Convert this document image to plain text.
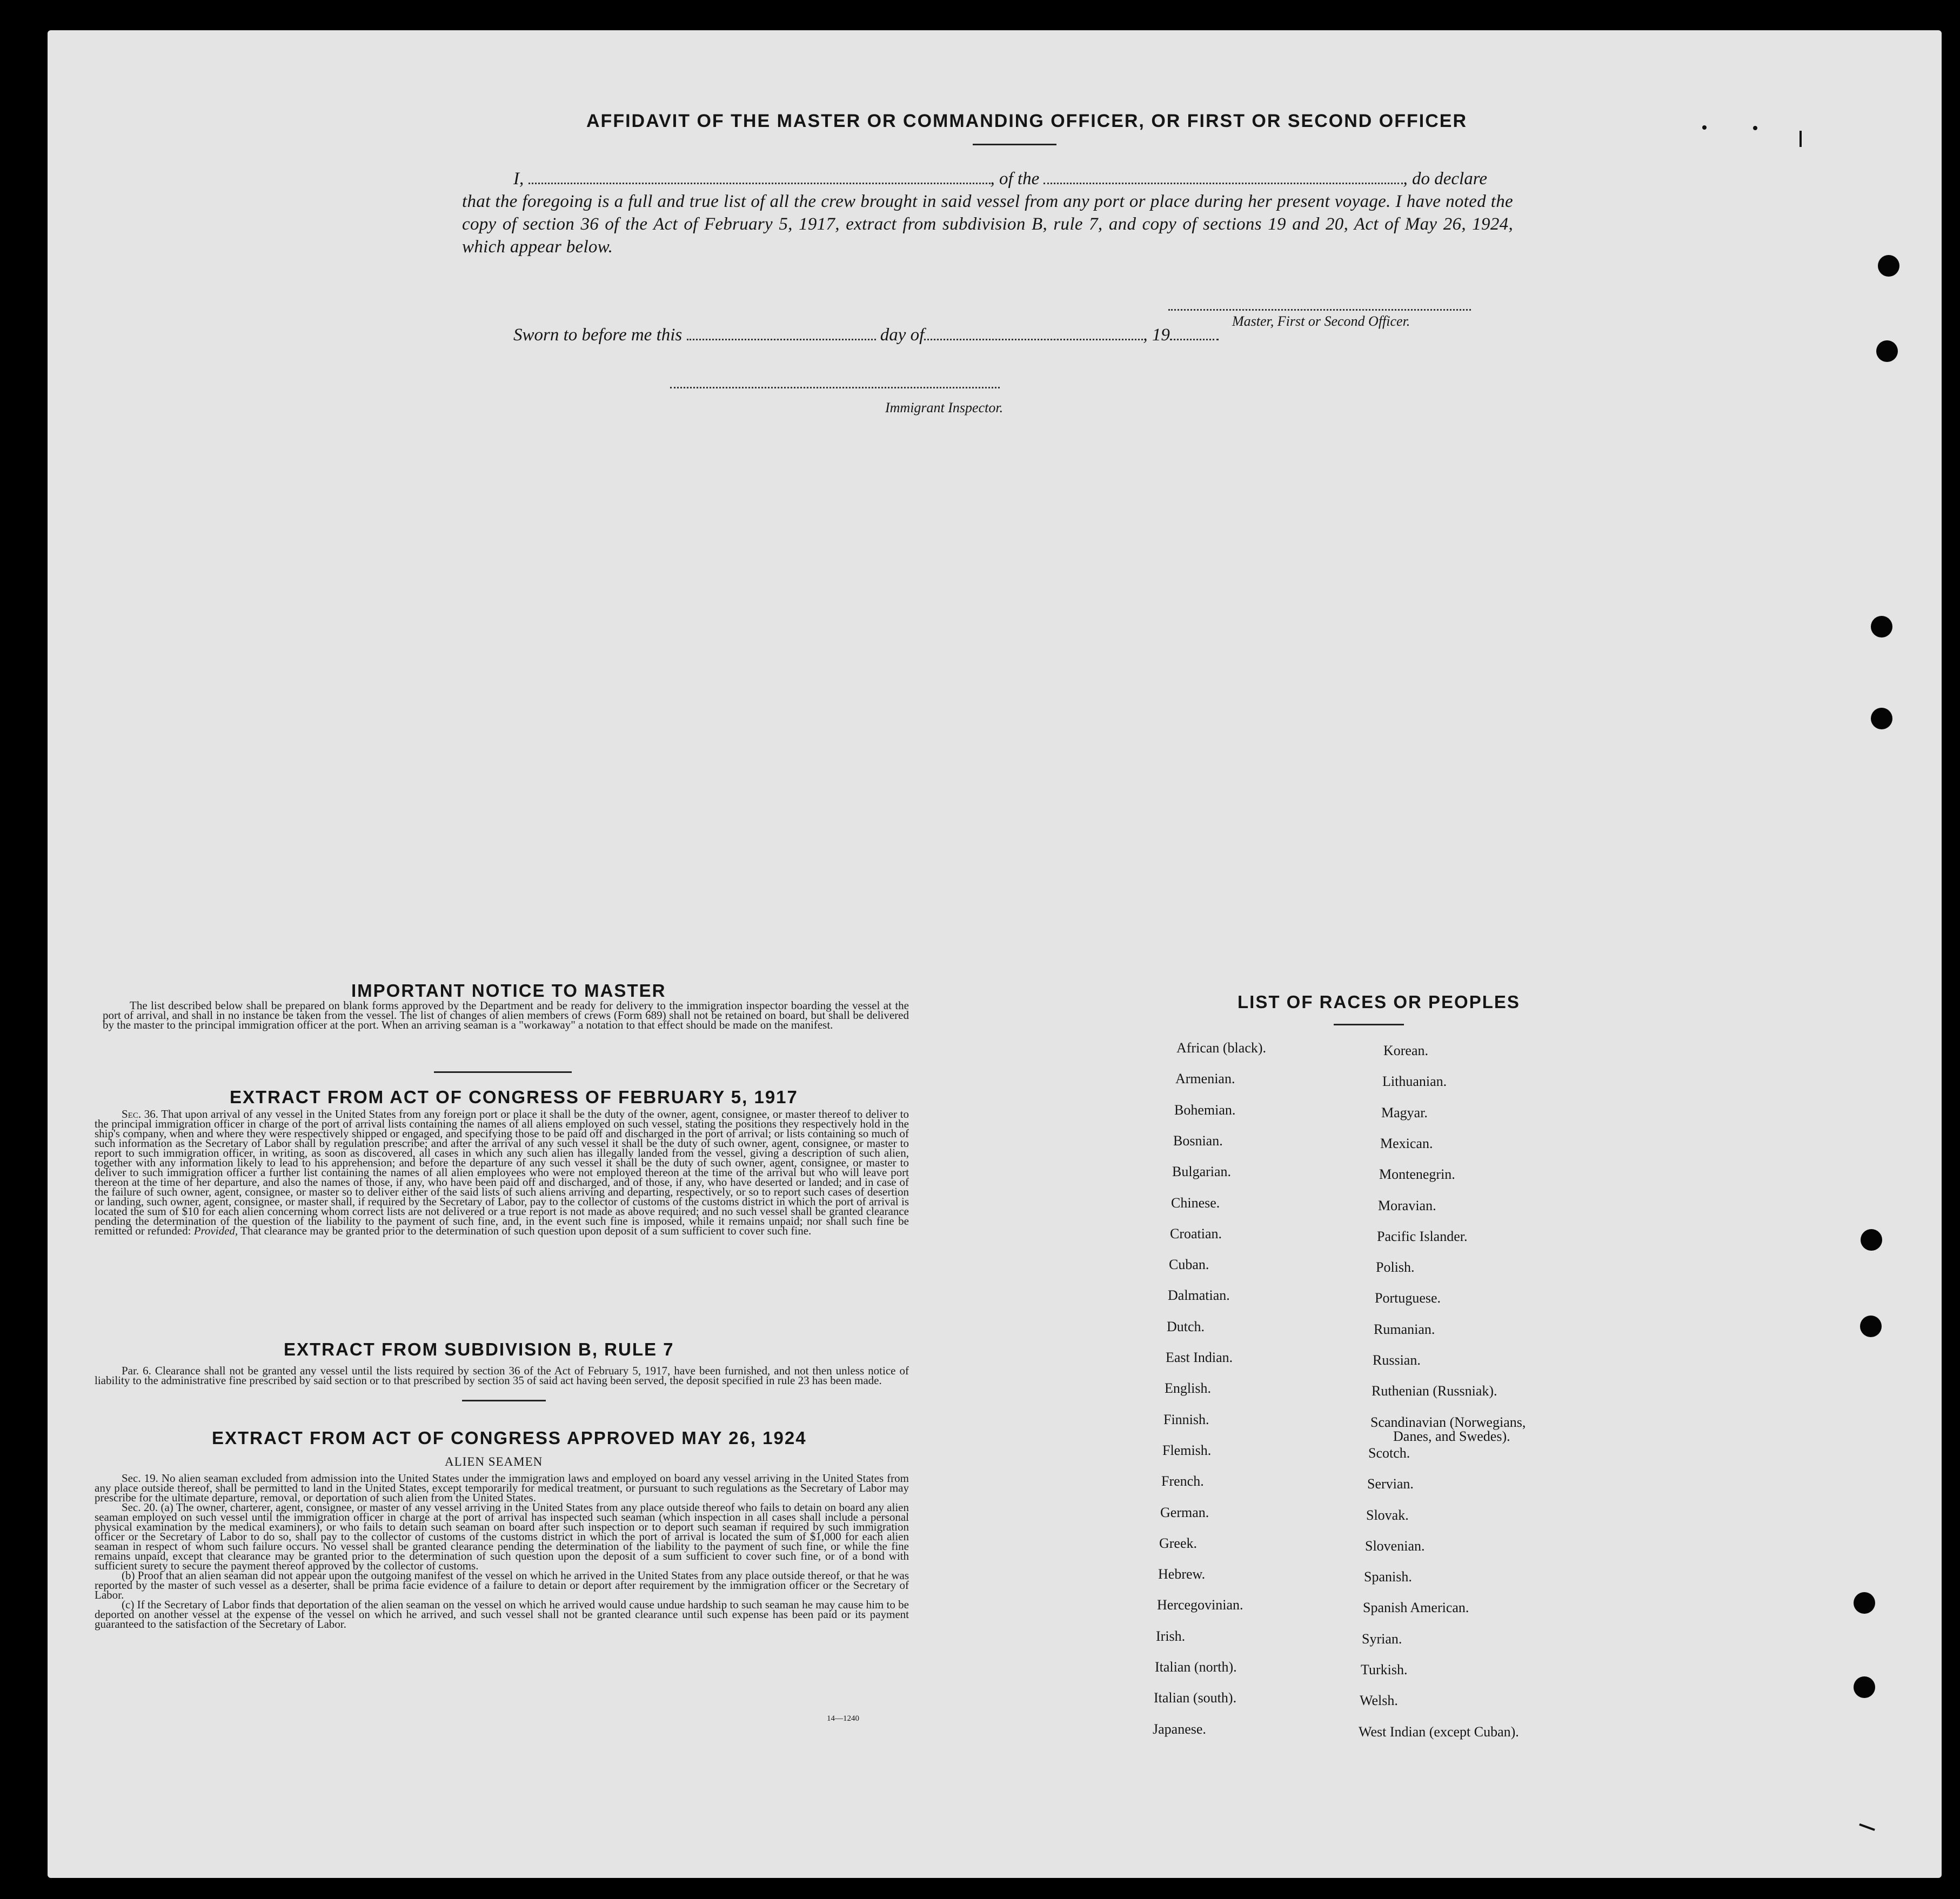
AFFIDAVIT OF THE MASTER OR COMMANDING OFFICER, OR FIRST OR SECOND OFFICER
I,	, of the	, do declare
that the foregoing is a full and true list of all the crew brought in said vessel from any port or place during her present voyage. I have noted the copy of section 36 of the Act of February 5, 1917, extract from subdivision B, rule 7, and copy of sections 19 and 20, Act of May 26, 1924, which appear below.
Master, First or Second Officer.
Sworn to before me this	day of	, 19
Immigrant Inspector.
IMPORTANT NOTICE TO MASTER
The list described below shall be prepared on blank forms approved by the Department and be ready for delivery to the immigration inspector boarding the vessel at the port of arrival, and shall in no instance be taken from the vessel. The list of changes of alien members of crews (Form 689) shall not be retained on board, but shall be delivered by the master to the principal immigration officer at the port. When an arriving seaman is a "workaway" a notation to that effect should be made on the manifest.
EXTRACT FROM ACT OF CONGRESS OF FEBRUARY 5, 1917
Sec. 36. That upon arrival of any vessel in the United States from any foreign port or place it shall be the duty of the owner, agent, consignee, or master thereof to deliver to the principal immigration officer in charge of the port of arrival lists containing the names of all aliens employed on such vessel, stating the positions they respectively hold in the ship's company, when and where they were respectively shipped or engaged, and specifying those to be paid off and discharged in the port of arrival; or lists containing so much of such information as the Secretary of Labor shall by regulation prescribe; and after the arrival of any such vessel it shall be the duty of such owner, agent, consignee, or master to report to such immigration officer, in writing, as soon as discovered, all cases in which any such alien has illegally landed from the vessel, giving a description of such alien, together with any information likely to lead to his apprehension; and before the departure of any such vessel it shall be the duty of such owner, agent, consignee, or master to deliver to such immigration officer a further list containing the names of all alien employees who were not employed thereon at the time of the arrival but who will leave port thereon at the time of her departure, and also the names of those, if any, who have been paid off and discharged, and of those, if any, who have deserted or landed; and in case of the failure of such owner, agent, consignee, or master so to deliver either of the said lists of such aliens arriving and departing, respectively, or so to report such cases of desertion or landing, such owner, agent, consignee, or master shall, if required by the Secretary of Labor, pay to the collector of customs of the customs district in which the port of arrival is located the sum of $10 for each alien concerning whom correct lists are not delivered or a true report is not made as above required; and no such vessel shall be granted clearance pending the determination of the question of the liability to the payment of such fine, and, in the event such fine is imposed, while it remains unpaid; nor shall such fine be remitted or refunded: Provided, That clearance may be granted prior to the determination of such question upon deposit of a sum sufficient to cover such fine.
EXTRACT FROM SUBDIVISION B, RULE 7
Par. 6. Clearance shall not be granted any vessel until the lists required by section 36 of the Act of February 5, 1917, have been furnished, and not then unless notice of liability to the administrative fine prescribed by said section or to that prescribed by section 35 of said act having been served, the deposit specified in rule 23 has been made.
EXTRACT FROM ACT OF CONGRESS APPROVED MAY 26, 1924
ALIEN SEAMEN
Sec. 19. No alien seaman excluded from admission into the United States under the immigration laws and employed on board any vessel arriving in the United States from any place outside thereof, shall be permitted to land in the United States, except temporarily for medical treatment, or pursuant to such regulations as the Secretary of Labor may prescribe for the ultimate departure, removal, or deportation of such alien from the United States.
Sec. 20. (a) The owner, charterer, agent, consignee, or master of any vessel arriving in the United States from any place outside thereof who fails to detain on board any alien seaman employed on such vessel until the immigration officer in charge at the port of arrival has inspected such seaman (which inspection in all cases shall include a personal physical examination by the medical examiners), or who fails to detain such seaman on board after such inspection or to deport such seaman if required by such immigration officer or the Secretary of Labor to do so, shall pay to the collector of customs of the customs district in which the port of arrival is located the sum of $1,000 for each alien seaman in respect of whom such failure occurs. No vessel shall be granted clearance pending the determination of the liability to the payment of such fine, or while the fine remains unpaid, except that clearance may be granted prior to the determination of such question upon the deposit of a sum sufficient to cover such fine, or of a bond with sufficient surety to secure the payment thereof approved by the collector of customs.
(b) Proof that an alien seaman did not appear upon the outgoing manifest of the vessel on which he arrived in the United States from any place outside thereof, or that he was reported by the master of such vessel as a deserter, shall be prima facie evidence of a failure to detain or deport after requirement by the immigration officer or the Secretary of Labor.
(c) If the Secretary of Labor finds that deportation of the alien seaman on the vessel on which he arrived would cause undue hardship to such seaman he may cause him to be deported on another vessel at the expense of the vessel on which he arrived, and such vessel shall not be granted clearance until such expense has been paid or its payment guaranteed to the satisfaction of the Secretary of Labor.
14—1240
LIST OF RACES OR PEOPLES
African (black).
Armenian.
Bohemian.
Bosnian.
Bulgarian.
Chinese.
Croatian.
Cuban.
Dalmatian.
Dutch.
East Indian.
English.
Finnish.
Flemish.
French.
German.
Greek.
Hebrew.
Hercegovinian.
Irish.
Italian (north).
Italian (south).
Japanese.
Korean.
Lithuanian.
Magyar.
Mexican.
Montenegrin.
Moravian.
Pacific Islander.
Polish.
Portuguese.
Rumanian.
Russian.
Ruthenian (Russniak).
Scandinavian (Norwegians,
Danes, and Swedes).
Scotch.
Servian.
Slovak.
Slovenian.
Spanish.
Spanish American.
Syrian.
Turkish.
Welsh.
West Indian (except Cuban).
